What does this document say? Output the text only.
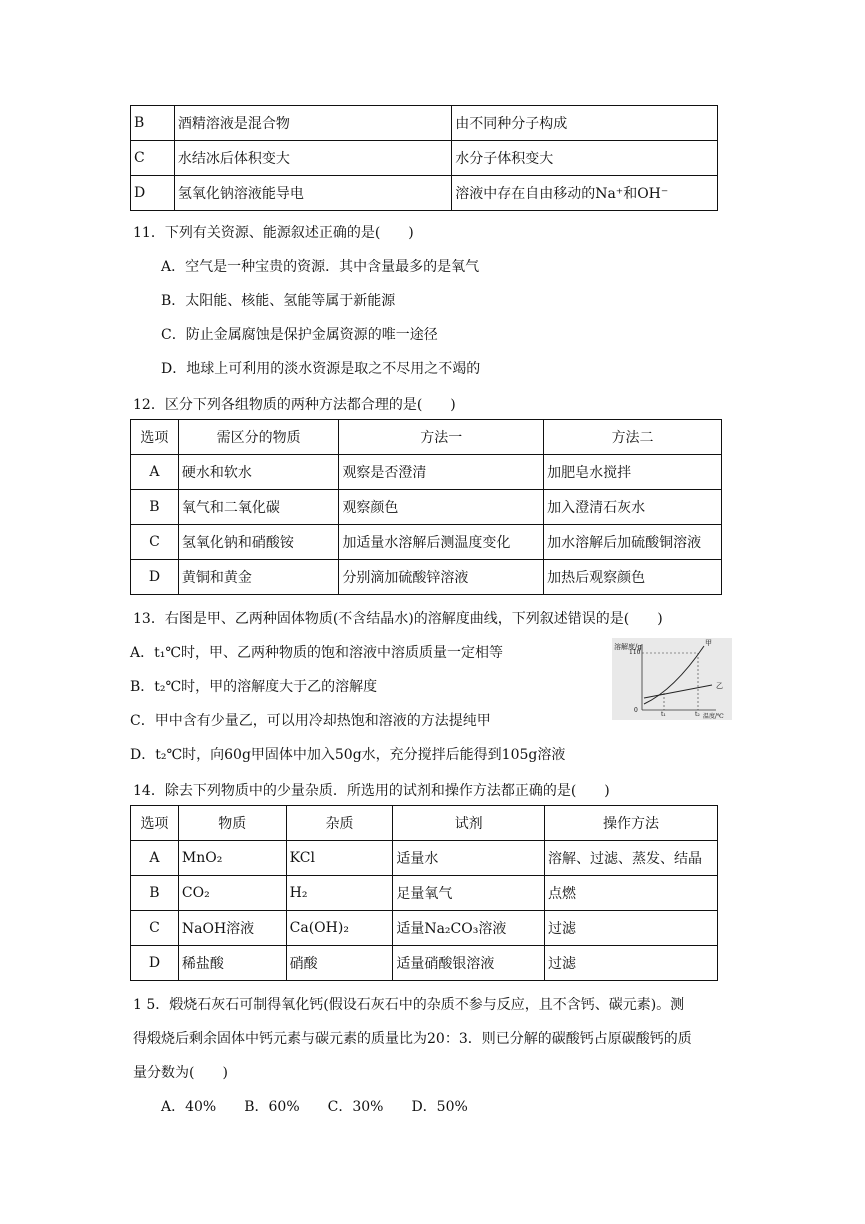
B	酒精溶液是混合物	由不同种分子构成
C	水结冰后体积变大	水分子体积变大
D	氢氧化钠溶液能导电	溶液中存在自由移动的Na⁺和OH⁻
11．下列有关资源、能源叙述正确的是(　　)
A．空气是一种宝贵的资源．其中含量最多的是氧气
B．太阳能、核能、氢能等属于新能源
C．防止金属腐蚀是保护金属资源的唯一途径
D．地球上可利用的淡水资源是取之不尽用之不竭的
12．区分下列各组物质的两种方法都合理的是(　　)
选项	需区分的物质	方法一	方法二
A	硬水和软水	观察是否澄清	加肥皂水搅拌
B	氧气和二氧化碳	观察颜色	加入澄清石灰水
C	氢氧化钠和硝酸铵	加适量水溶解后测温度变化	加水溶解后加硫酸铜溶液
D	黄铜和黄金	分别滴加硫酸锌溶液	加热后观察颜色
13．右图是甲、乙两种固体物质(不含结晶水)的溶解度曲线，下列叙述错误的是(　　)
A．t₁℃时，甲、乙两种物质的饱和溶液中溶质质量一定相等
B．t₂℃时，甲的溶解度大于乙的溶解度
C．甲中含有少量乙，可以用冷却热饱和溶液的方法提纯甲
D．t₂℃时，向60g甲固体中加入50g水，充分搅拌后能得到105g溶液
溶解度/g
110
0
t₁	t₂ 温度/℃
甲
乙
14．除去下列物质中的少量杂质．所选用的试剂和操作方法都正确的是(　　)
选项	物质	杂质	试剂	操作方法
A	MnO₂	KCl	适量水	溶解、过滤、蒸发、结晶
B	CO₂	H₂	足量氧气	点燃
C	NaOH溶液	Ca(OH)₂	适量Na₂CO₃溶液	过滤
D	稀盐酸	硝酸	适量硝酸银溶液	过滤
1 5．煅烧石灰石可制得氧化钙(假设石灰石中的杂质不参与反应，且不含钙、碳元素)。测
得煅烧后剩余固体中钙元素与碳元素的质量比为20：3．则已分解的碳酸钙占原碳酸钙的质
量分数为(　　)
A．40%　　B．60%　　C．30%　　D．50%
